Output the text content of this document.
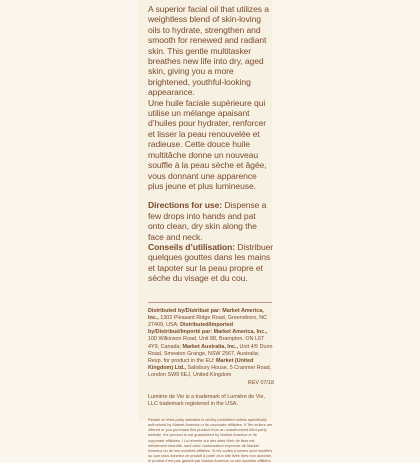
A superior facial oil that utilizes a weightless blend of skin-loving oils to hydrate, strengthen and smooth for renewed and radiant skin. This gentle multitasker breathes new life into dry, aged skin, giving you a more brightened, youthful-looking appearance.

Une huile faciale supérieure qui utilise un mélange apaisant d’huiles pour hydrater, renforcer et lisser la peau renouvelée et radieuse. Cette douce huile multitâche donne un nouveau souffle à la peau sèche et âgée, vous donnant une apparence plus jeune et plus lumineuse.

Directions for use: Dispense a few drops into hands and pat onto clean, dry skin along the face and neck.

Conseils d’utilisation: Distribuer quelques gouttes dans les mains et tapoter sur la peau propre et sèche du visage et du cou.

Distributed by/Distribué par: Market America, Inc., 1302 Pleasant Ridge Road, Greensboro, NC 27409, USA; Distributed/Imported by/Distribué/Importé par: Market America, Inc., 100 Wilkinson Road, Unit 88, Brampton, ON L6T 4Y9, Canada; Market Australia, Inc., Unit 4/5 Dunn Road, Smeaton Grange, NSW 2567, Australia; Resp. for product in the EU: Market (United Kingdom) Ltd., Salisbury House, 5 Cranmer Road, London SW9 6EJ, United Kingdom
REV 07/18
Lumière de Vie is a trademark of Lumière de Vie, LLC trademark registered in the USA.
Resale on third-party websites is strictly prohibited unless specifically authorized by Market America or its corporate affiliates. If Ten sellers are offered or you purchase this product from an unauthorized third-party website, the product is not guaranteed by Market America or its corporate affiliates. / La revente sur des sites Web de tiers est strictement interdite, sauf avec l’autorisation expresse de Market America ou de ses sociétés affiliées. Si les codes à barres sont modifiés ou que vous achetez ce produit à partir d’un site Web tiers non autorisé, le produit n’est pas garanti par Market America ou ses sociétés affiliées.
